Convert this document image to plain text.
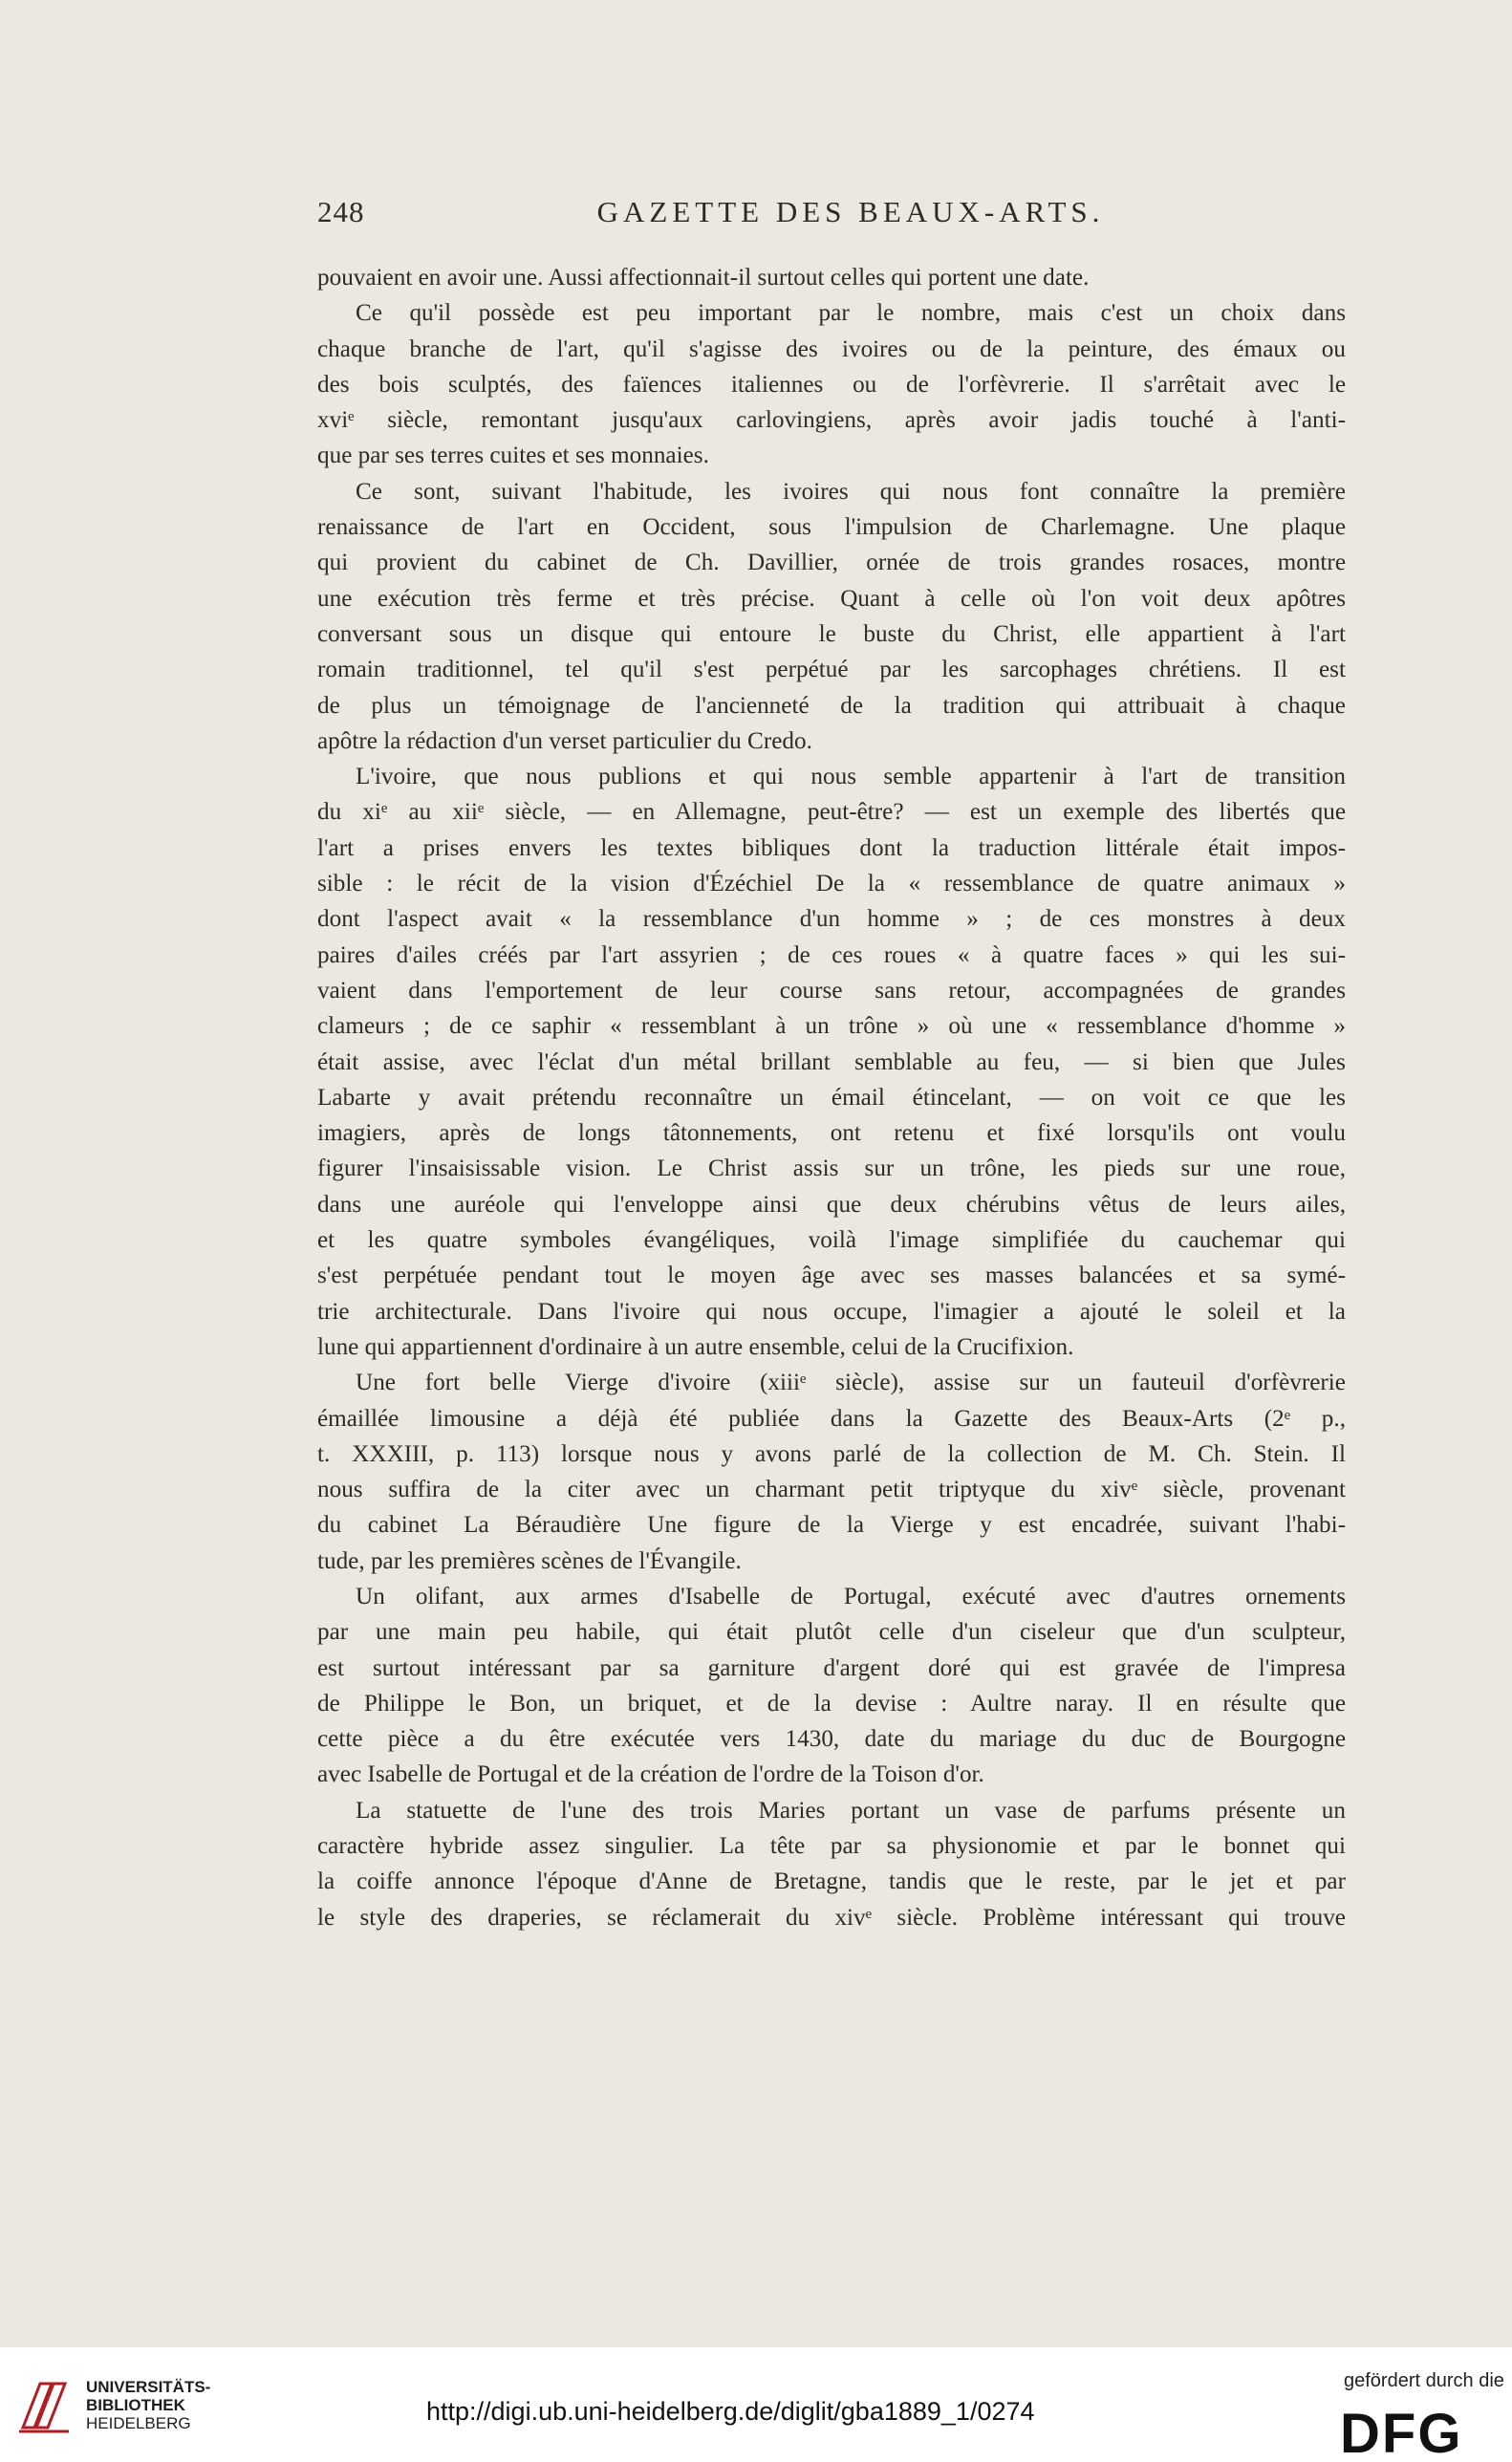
248	GAZETTE DES BEAUX-ARTS.
pouvaient en avoir une. Aussi affectionnait-il surtout celles qui portent une date.
Ce qu'il possède est peu important par le nombre, mais c'est un choix dans
chaque branche de l'art, qu'il s'agisse des ivoires ou de la peinture, des émaux ou
des bois sculptés, des faïences italiennes ou de l'orfèvrerie. Il s'arrêtait avec le
xviᵉ siècle, remontant jusqu'aux carlovingiens, après avoir jadis touché à l'anti-
que par ses terres cuites et ses monnaies.
Ce sont, suivant l'habitude, les ivoires qui nous font connaître la première
renaissance de l'art en Occident, sous l'impulsion de Charlemagne. Une plaque
qui provient du cabinet de Ch. Davillier, ornée de trois grandes rosaces, montre
une exécution très ferme et très précise. Quant à celle où l'on voit deux apôtres
conversant sous un disque qui entoure le buste du Christ, elle appartient à l'art
romain traditionnel, tel qu'il s'est perpétué par les sarcophages chrétiens. Il est
de plus un témoignage de l'ancienneté de la tradition qui attribuait à chaque
apôtre la rédaction d'un verset particulier du Credo.
L'ivoire, que nous publions et qui nous semble appartenir à l'art de transition
du xiᵉ au xiiᵉ siècle, — en Allemagne, peut-être? — est un exemple des libertés que
l'art a prises envers les textes bibliques dont la traduction littérale était impos-
sible : le récit de la vision d'Ézéchiel De la « ressemblance de quatre animaux »
dont l'aspect avait « la ressemblance d'un homme » ; de ces monstres à deux
paires d'ailes créés par l'art assyrien ; de ces roues « à quatre faces » qui les sui-
vaient dans l'emportement de leur course sans retour, accompagnées de grandes
clameurs ; de ce saphir « ressemblant à un trône » où une « ressemblance d'homme »
était assise, avec l'éclat d'un métal brillant semblable au feu, — si bien que Jules
Labarte y avait prétendu reconnaître un émail étincelant, — on voit ce que les
imagiers, après de longs tâtonnements, ont retenu et fixé lorsqu'ils ont voulu
figurer l'insaisissable vision. Le Christ assis sur un trône, les pieds sur une roue,
dans une auréole qui l'enveloppe ainsi que deux chérubins vêtus de leurs ailes,
et les quatre symboles évangéliques, voilà l'image simplifiée du cauchemar qui
s'est perpétuée pendant tout le moyen âge avec ses masses balancées et sa symé-
trie architecturale. Dans l'ivoire qui nous occupe, l'imagier a ajouté le soleil et la
lune qui appartiennent d'ordinaire à un autre ensemble, celui de la Crucifixion.
Une fort belle Vierge d'ivoire (xiiiᵉ siècle), assise sur un fauteuil d'orfèvrerie
émaillée limousine a déjà été publiée dans la Gazette des Beaux-Arts (2ᵉ p.,
t. XXXIII, p. 113) lorsque nous y avons parlé de la collection de M. Ch. Stein. Il
nous suffira de la citer avec un charmant petit triptyque du xivᵉ siècle, provenant
du cabinet La Béraudière Une figure de la Vierge y est encadrée, suivant l'habi-
tude, par les premières scènes de l'Évangile.
Un olifant, aux armes d'Isabelle de Portugal, exécuté avec d'autres ornements
par une main peu habile, qui était plutôt celle d'un ciseleur que d'un sculpteur,
est surtout intéressant par sa garniture d'argent doré qui est gravée de l'impresa
de Philippe le Bon, un briquet, et de la devise : Aultre naray. Il en résulte que
cette pièce a du être exécutée vers 1430, date du mariage du duc de Bourgogne
avec Isabelle de Portugal et de la création de l'ordre de la Toison d'or.
La statuette de l'une des trois Maries portant un vase de parfums présente un
caractère hybride assez singulier. La tête par sa physionomie et par le bonnet qui
la coiffe annonce l'époque d'Anne de Bretagne, tandis que le reste, par le jet et par
le style des draperies, se réclamerait du xivᵉ siècle. Problème intéressant qui trouve
UNIVERSITÄTS-
BIBLIOTHEK
HEIDELBERG	http://digi.ub.uni-heidelberg.de/diglit/gba1889_1/0274
gefördert durch die
DFG
